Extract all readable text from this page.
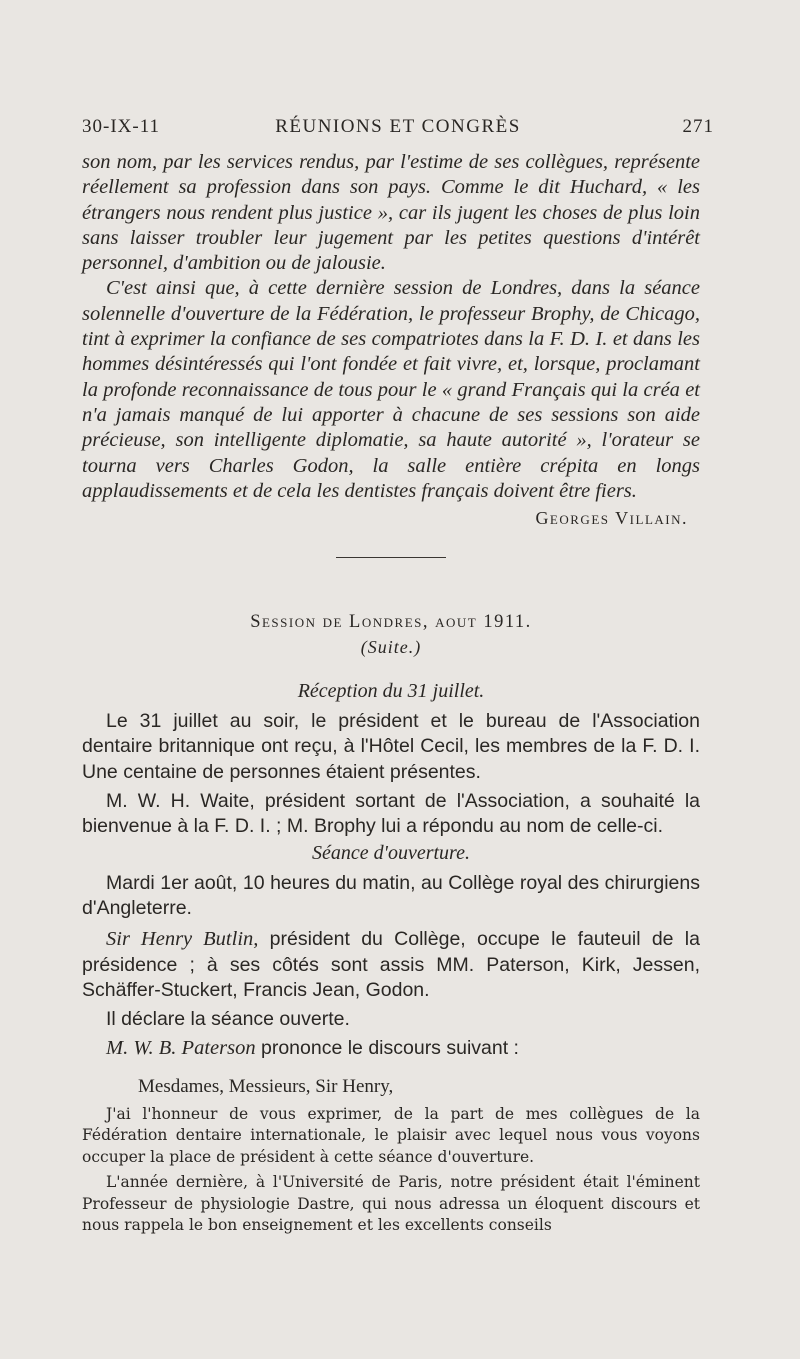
30-IX-11	RÉUNIONS ET CONGRÈS	271

son nom, par les services rendus, par l'estime de ses collègues, représente réellement sa profession dans son pays. Comme le dit Huchard, « les étrangers nous rendent plus justice », car ils jugent les choses de plus loin sans laisser troubler leur jugement par les petites questions d'intérêt personnel, d'ambition ou de jalousie.

C'est ainsi que, à cette dernière session de Londres, dans la séance solennelle d'ouverture de la Fédération, le professeur Brophy, de Chicago, tint à exprimer la confiance de ses compatriotes dans la F. D. I. et dans les hommes désintéressés qui l'ont fondée et fait vivre, et, lorsque, proclamant la profonde reconnaissance de tous pour le « grand Français qui la créa et n'a jamais manqué de lui apporter à chacune de ses sessions son aide précieuse, son intelligente diplomatie, sa haute autorité », l'orateur se tourna vers Charles Godon, la salle entière crépita en longs applaudissements et de cela les dentistes français doivent être fiers.

Georges Villain.
Session de Londres, aout 1911.
(Suite.)
Réception du 31 juillet.

Le 31 juillet au soir, le président et le bureau de l'Association dentaire britannique ont reçu, à l'Hôtel Cecil, les membres de la F. D. I. Une centaine de personnes étaient présentes.

M. W. H. Waite, président sortant de l'Association, a souhaité la bienvenue à la F. D. I. ; M. Brophy lui a répondu au nom de celle-ci.

Séance d'ouverture.

Mardi 1er août, 10 heures du matin, au Collège royal des chirurgiens d'Angleterre.

Sir Henry Butlin, président du Collège, occupe le fauteuil de la présidence ; à ses côtés sont assis MM. Paterson, Kirk, Jessen, Schäffer-Stuckert, Francis Jean, Godon.

Il déclare la séance ouverte.

M. W. B. Paterson prononce le discours suivant :

Mesdames, Messieurs, Sir Henry,

J'ai l'honneur de vous exprimer, de la part de mes collègues de la Fédération dentaire internationale, le plaisir avec lequel nous vous voyons occuper la place de président à cette séance d'ouverture.

L'année dernière, à l'Université de Paris, notre président était l'éminent Professeur de physiologie Dastre, qui nous adressa un éloquent discours et nous rappela le bon enseignement et les excellents conseils
